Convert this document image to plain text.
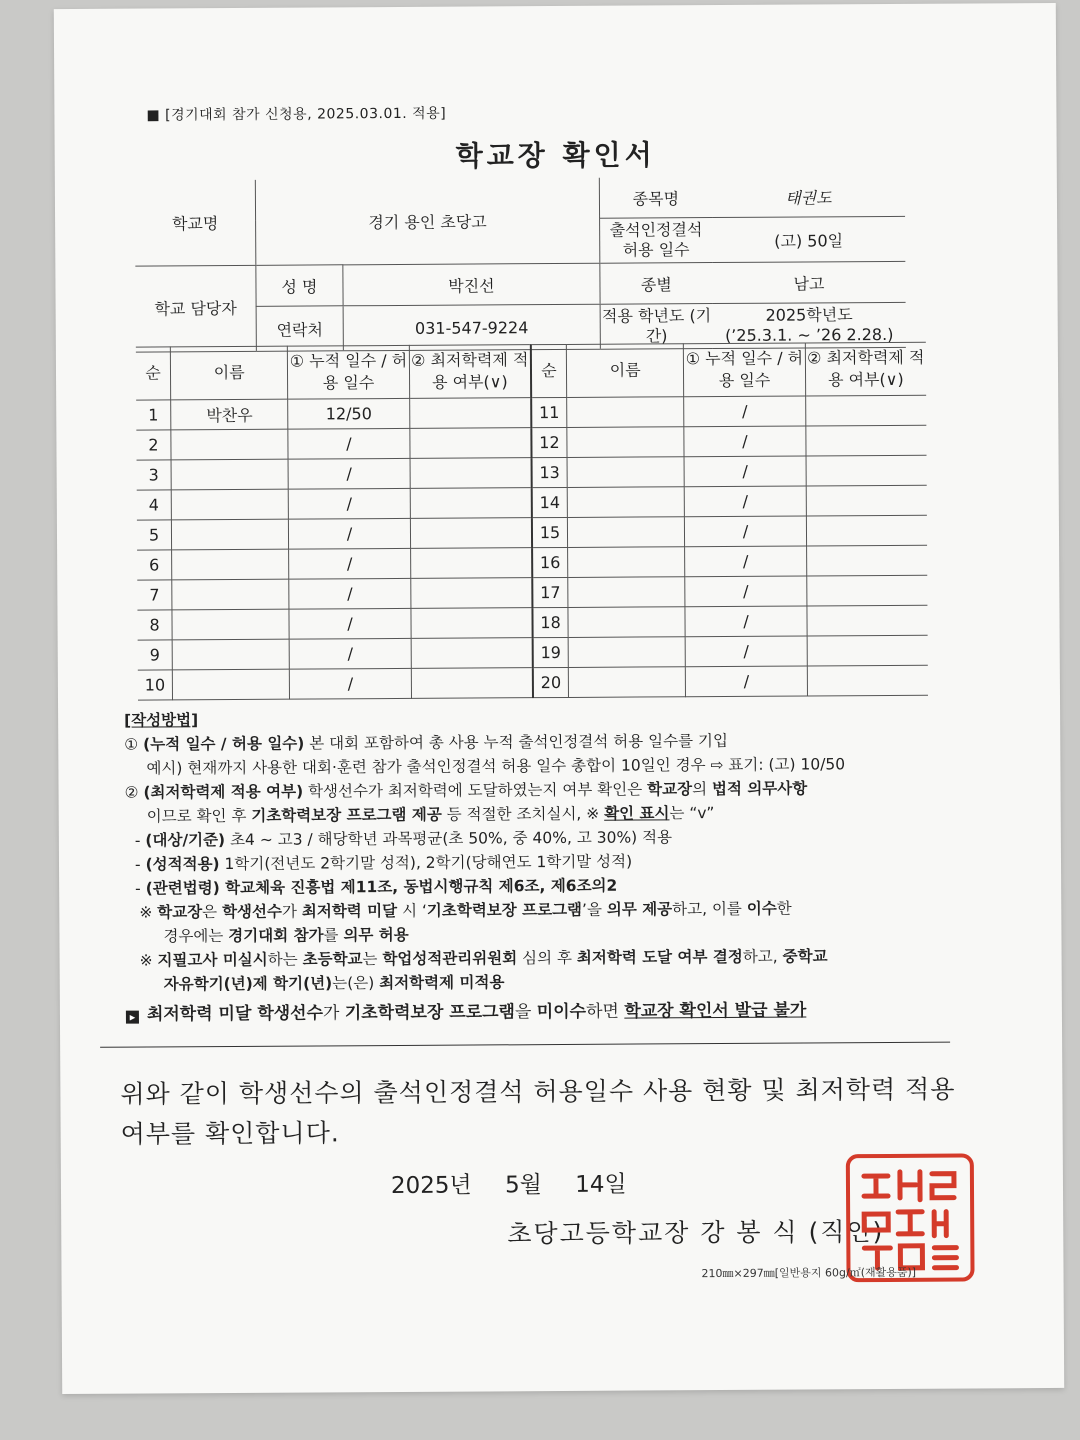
■ [경기대회 참가 신청용, 2025.03.01. 적용]
학교장 확인서
학교명	경기 용인 초당고		종목명	태권도
			출석인정결석 허용 일수	(고) 50일
학교 담당자	성 명	박진선	종별	남고
	연락처	031-547-9224	적용 학년도 (기간)	2025학년도
(’25.3.1. ~ ’26 2.28.)
순	이름	① 누적 일수 / 허용 일수	② 최저학력제 적용 여부(∨)	순	이름	① 누적 일수 / 허용 일수	② 최저학력제 적용 여부(∨)
1	박찬우	12/50		11		/	
2		/		12		/	
3		/		13		/	
4		/		14		/	
5		/		15		/	
6		/		16		/	
7		/		17		/	
8		/		18		/	
9		/		19		/	
10		/		20		/	
[작성방법]
① (누적 일수 / 허용 일수) 본 대회 포함하여 총 사용 누적 출석인정결석 허용 일수를 기입
예시) 현재까지 사용한 대회·훈련 참가 출석인정결석 허용 일수 총합이 10일인 경우 ⇨ 표기: (고) 10/50
② (최저학력제 적용 여부) 학생선수가 최저학력에 도달하였는지 여부 확인은 학교장의 법적 의무사항
이므로 확인 후 기초학력보장 프로그램 제공 등 적절한 조치실시, ※ 확인 표시는 “v”
- (대상/기준) 초4 ~ 고3 / 해당학년 과목평균(초 50%, 중 40%, 고 30%) 적용
- (성적적용) 1학기(전년도 2학기말 성적), 2학기(당해연도 1학기말 성적)
- (관련법령) 학교체육 진흥법 제11조, 동법시행규칙 제6조, 제6조의2
※ 학교장은 학생선수가 최저학력 미달 시 ‘기초학력보장 프로그램’을 의무 제공하고, 이를 이수한
경우에는 경기대회 참가를 의무 허용
※ 지필고사 미실시하는 초등학교는 학업성적관리위원회 심의 후 최저학력 도달 여부 결정하고, 중학교
자유학기(년)제 학기(년)는(은) 최저학력제 미적용
▸ 최저학력 미달 학생선수가 기초학력보장 프로그램을 미이수하면 학교장 확인서 발급 불가
위와 같이 학생선수의 출석인정결석 허용일수 사용 현황 및 최저학력 적용 여부를 확인합니다.
2025년 5월 14일
초당고등학교장 강 봉 식 (직인)
210㎜×297㎜[일반용지 60g/㎡(재활용품)]
